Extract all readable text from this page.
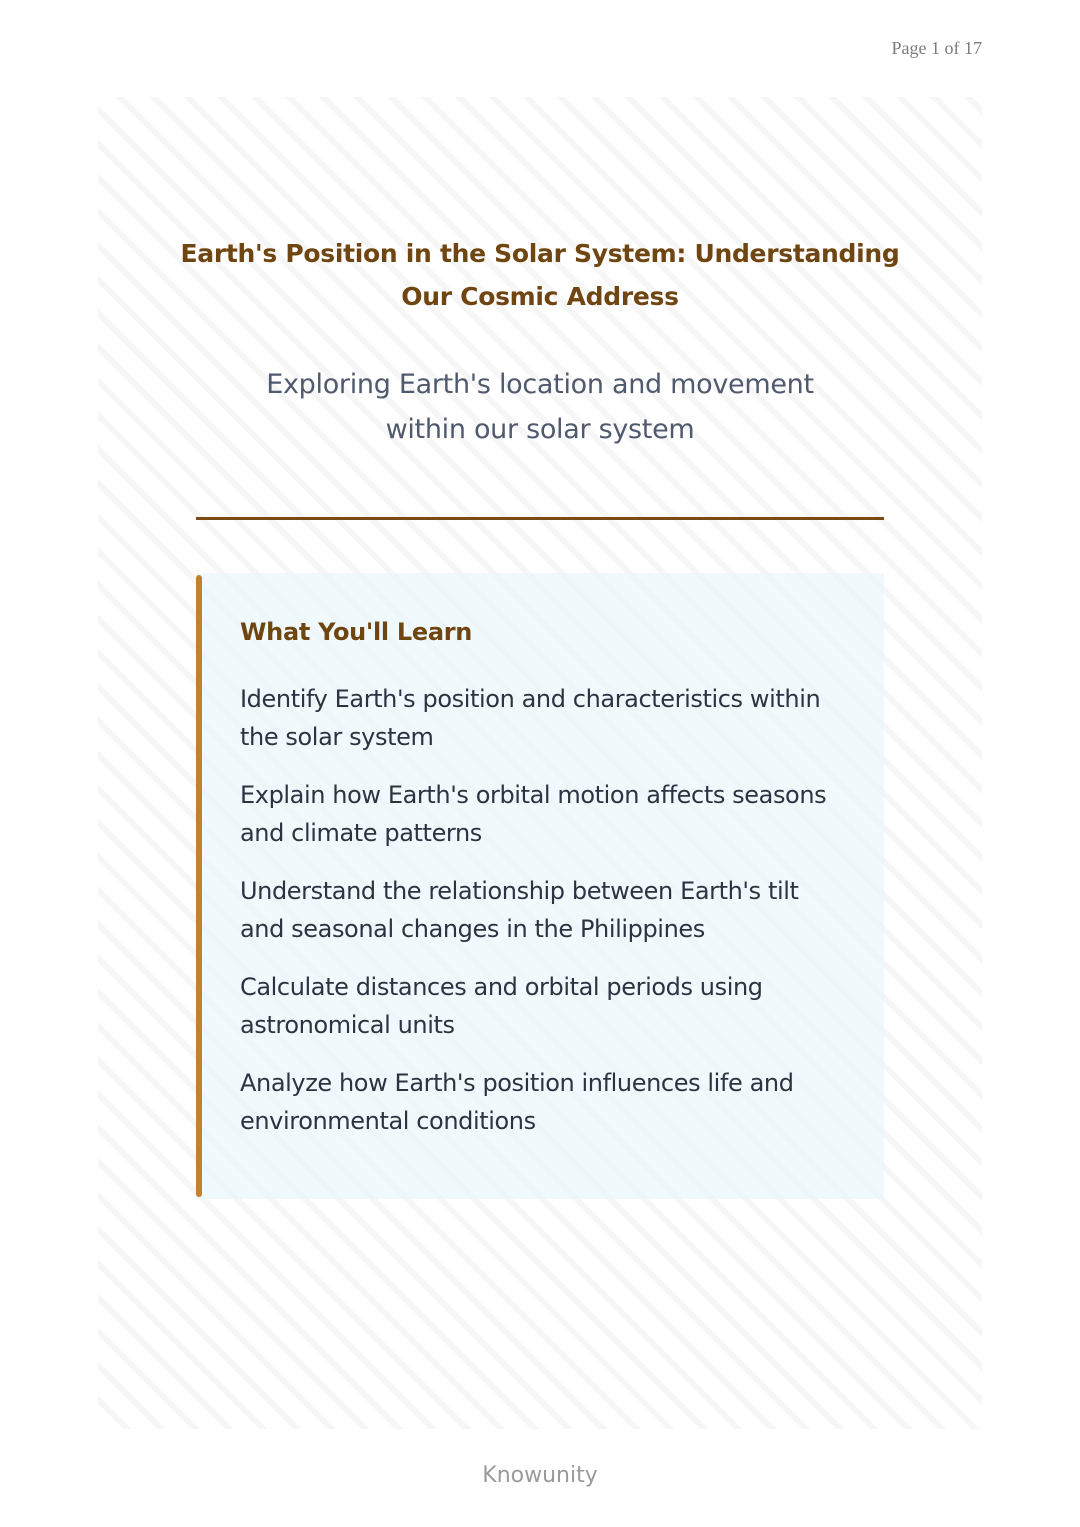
Page 1 of 17
Earth's Position in the Solar System: Understanding
Our Cosmic Address
Exploring Earth's location and movement
within our solar system
What You'll Learn
Identify Earth's position and characteristics within
the solar system
Explain how Earth's orbital motion affects seasons
and climate patterns
Understand the relationship between Earth's tilt
and seasonal changes in the Philippines
Calculate distances and orbital periods using
astronomical units
Analyze how Earth's position influences life and
environmental conditions
Knowunity
